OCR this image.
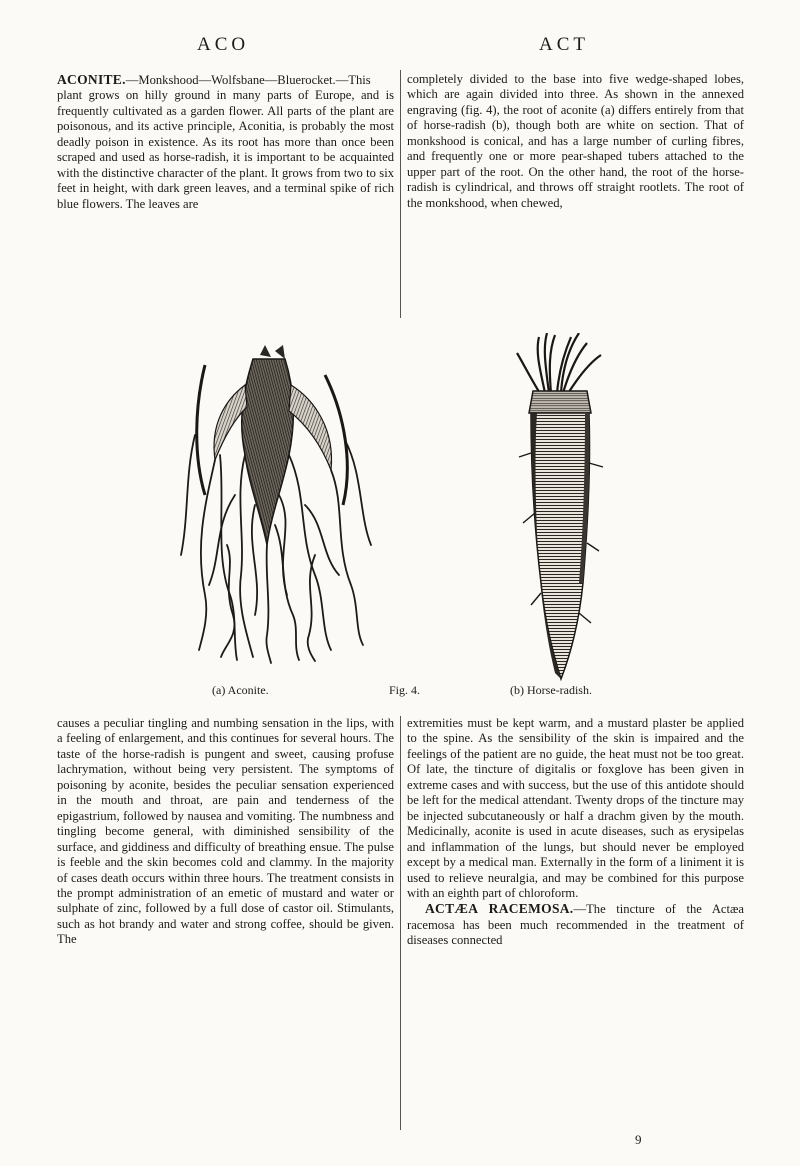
ACO	ACT

ACONITE.—Monkshood—Wolfsbane—Bluerocket.—This plant grows on hilly ground in many parts of Europe, and is frequently cultivated as a garden flower. All parts of the plant are poisonous, and its active principle, Aconitia, is probably the most deadly poison in existence. As its root has more than once been scraped and used as horse-radish, it is important to be acquainted with the distinctive character of the plant. It grows from two to six feet in height, with dark green leaves, and a terminal spike of rich blue flowers. The leaves are

completely divided to the base into five wedge-shaped lobes, which are again divided into three. As shown in the annexed engraving (fig. 4), the root of aconite (a) differs entirely from that of horse-radish (b), though both are white on section. That of monkshood is conical, and has a large number of curling fibres, and frequently one or more pear-shaped tubers attached to the upper part of the root. On the other hand, the root of the horse-radish is cylindrical, and throws off straight rootlets. The root of the monkshood, when chewed,

(a) Aconite.	Fig. 4.	(b) Horse-radish.

causes a peculiar tingling and numbing sensation in the lips, with a feeling of enlargement, and this continues for several hours. The taste of the horse-radish is pungent and sweet, causing profuse lachrymation, without being very persistent. The symptoms of poisoning by aconite, besides the peculiar sensation experienced in the mouth and throat, are pain and tenderness of the epigastrium, followed by nausea and vomiting. The numbness and tingling become general, with diminished sensibility of the surface, and giddiness and difficulty of breathing ensue. The pulse is feeble and the skin becomes cold and clammy. In the majority of cases death occurs within three hours. The treatment consists in the prompt administration of an emetic of mustard and water or sulphate of zinc, followed by a full dose of castor oil. Stimulants, such as hot brandy and water and strong coffee, should be given. The

extremities must be kept warm, and a mustard plaster be applied to the spine. As the sensibility of the skin is impaired and the feelings of the patient are no guide, the heat must not be too great. Of late, the tincture of digitalis or foxglove has been given in extreme cases and with success, but the use of this antidote should be left for the medical attendant. Twenty drops of the tincture may be injected subcutaneously or half a drachm given by the mouth. Medicinally, aconite is used in acute diseases, such as erysipelas and inflammation of the lungs, but should never be employed except by a medical man. Externally in the form of a liniment it is used to relieve neuralgia, and may be combined for this purpose with an eighth part of chloroform.

ACTÆA RACEMOSA.—The tincture of the Actæa racemosa has been much recommended in the treatment of diseases connected

9
